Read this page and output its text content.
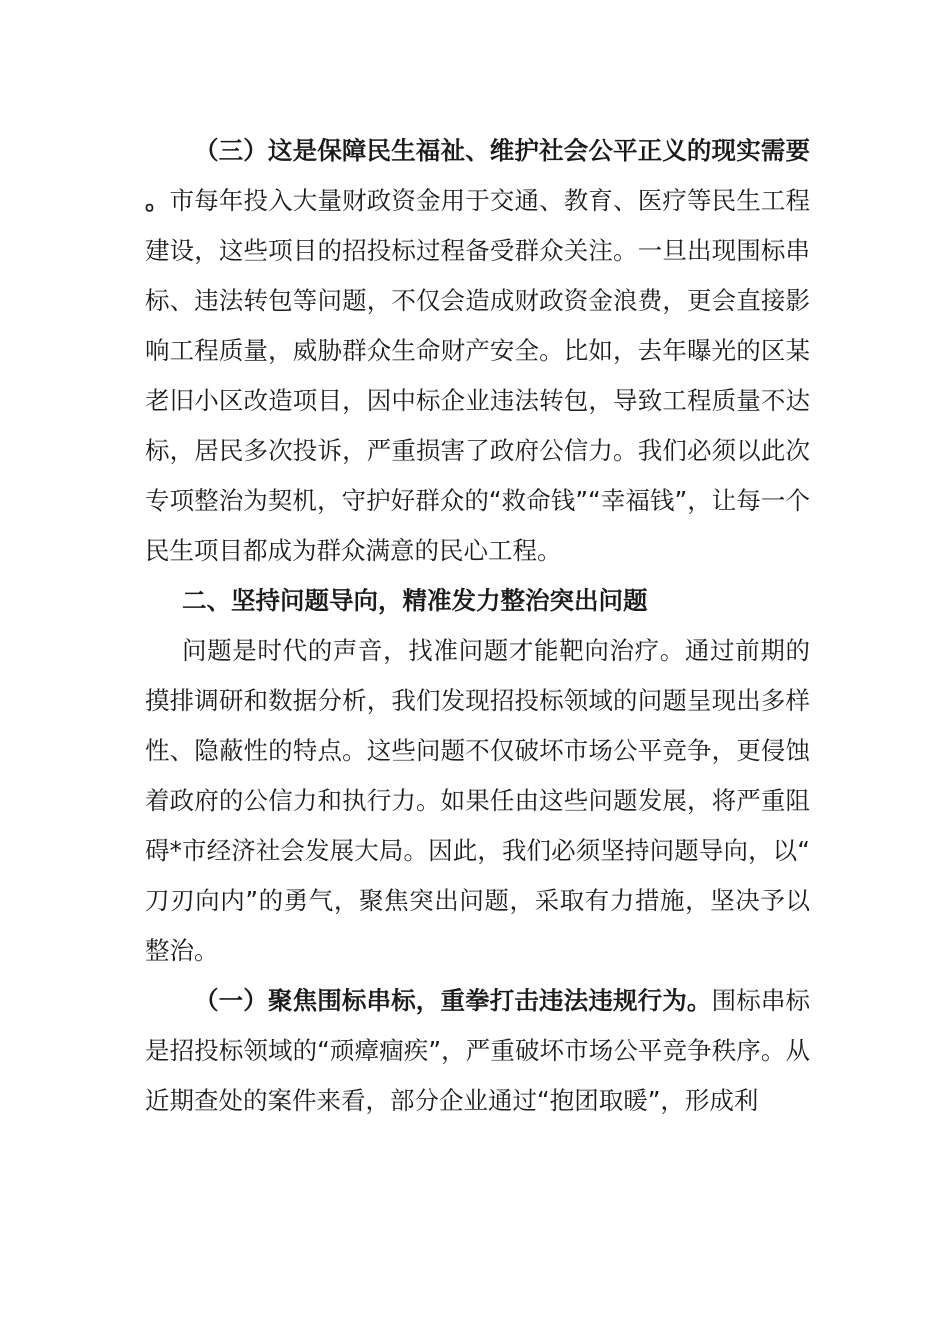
（三）这是保障民生福祉、维护社会公平正义的现实需要。市每年投入大量财政资金用于交通、教育、医疗等民生工程建设，这些项目的招投标过程备受群众关注。一旦出现围标串标、违法转包等问题，不仅会造成财政资金浪费，更会直接影响工程质量，威胁群众生命财产安全。比如，去年曝光的区某老旧小区改造项目，因中标企业违法转包，导致工程质量不达标，居民多次投诉，严重损害了政府公信力。我们必须以此次专项整治为契机，守护好群众的“救命钱”“幸福钱”，让每一个民生项目都成为群众满意的民心工程。

二、坚持问题导向，精准发力整治突出问题

问题是时代的声音，找准问题才能靶向治疗。通过前期的摸排调研和数据分析，我们发现招投标领域的问题呈现出多样性、隐蔽性的特点。这些问题不仅破坏市场公平竞争，更侵蚀着政府的公信力和执行力。如果任由这些问题发展，将严重阻碍*市经济社会发展大局。因此，我们必须坚持问题导向，以“刀刃向内”的勇气，聚焦突出问题，采取有力措施，坚决予以整治。

（一）聚焦围标串标，重拳打击违法违规行为。围标串标是招投标领域的“顽瘴痼疾”，严重破坏市场公平竞争秩序。从近期查处的案件来看，部分企业通过“抱团取暖”，形成利
